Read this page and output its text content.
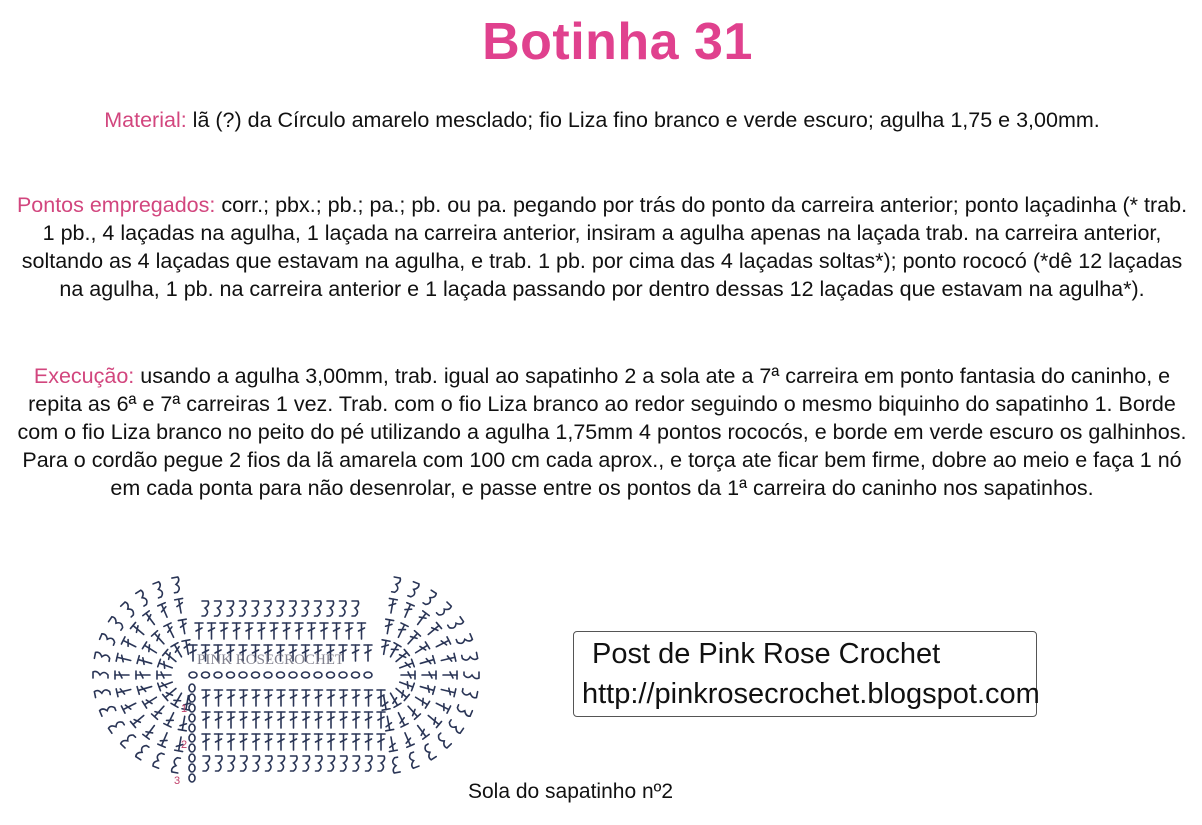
Botinha 31
Material: lã (?) da Círculo amarelo mesclado; fio Liza fino branco e verde escuro; agulha 1,75 e 3,00mm.
Pontos empregados: corr.; pbx.; pb.; pa.; pb. ou pa. pegando por trás do ponto da carreira anterior; ponto laçadinha (* trab. 1 pb., 4 laçadas na agulha, 1 laçada na carreira anterior, insiram a agulha apenas na laçada trab. na carreira anterior, soltando as 4 laçadas que estavam na agulha, e trab. 1 pb. por cima das 4 laçadas soltas*); ponto rococó (*dê 12 laçadas na agulha, 1 pb. na carreira anterior e 1 laçada passando por dentro dessas 12 laçadas que estavam na agulha*).
Execução: usando a agulha 3,00mm, trab. igual ao sapatinho 2 a sola ate a 7ª carreira em ponto fantasia do caninho, e repita as 6ª e 7ª carreiras 1 vez. Trab. com o fio Liza branco ao redor seguindo o mesmo biquinho do sapatinho 1. Borde com o fio Liza branco no peito do pé utilizando a agulha 1,75mm 4 pontos rococós, e borde em verde escuro os galhinhos. Para o cordão pegue 2 fios da lã amarela com 100 cm cada aprox., e torça ate ficar bem firme, dobre ao meio e faça 1 nó em cada ponta para não desenrolar, e passe entre os pontos da 1ª carreira do caninho nos sapatinhos.
PINK ROSECROCHET
1
2
3
Post de Pink Rose Crochet
http://pinkrosecrochet.blogspot.com
Sola do sapatinho nº2
